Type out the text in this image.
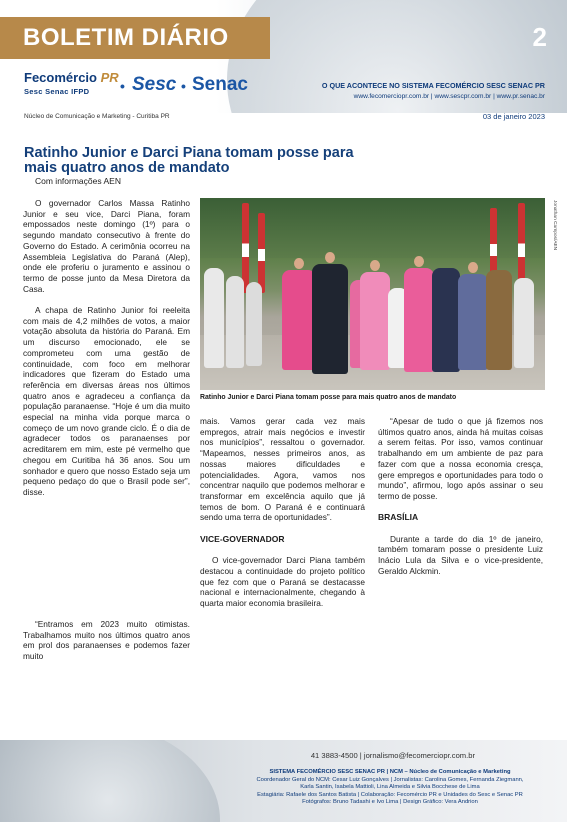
BOLETIM DIÁRIO	2
Fecomércio PR
Sesc Senac IFPD • Sesc • Senac	O QUE ACONTECE NO SISTEMA FECOMÉRCIO SESC SENAC PR
www.fecomerciopr.com.br | www.sescpr.com.br | www.pr.senac.br
Núcleo de Comunicação e Marketing - Curitiba PR	03 de janeiro 2023
Ratinho Junior e Darci Piana tomam posse para mais quatro anos de mandato
Com informações AEN

O governador Carlos Massa Ratinho Junior e seu vice, Darci Piana, foram empossados neste domingo (1º) para o segundo mandato consecutivo à frente do Governo do Estado. A cerimônia ocorreu na Assembleia Legislativa do Paraná (Alep), onde ele proferiu o juramento e assinou o termo de posse junto da Mesa Diretora da Casa.

A chapa de Ratinho Junior foi reeleita com mais de 4,2 milhões de votos, a maior votação absoluta da história do Paraná. Em um discurso emocionado, ele se comprometeu com uma gestão de continuidade, com foco em melhorar indicadores que fizeram do Estado uma referência em diversas áreas nos últimos quatro anos e agradeceu a confiança da população paranaense. “Hoje é um dia muito especial na minha vida porque marca o começo de um novo grande ciclo. É o dia de agradecer todos os paranaenses por acreditarem em mim, este pé vermelho que chegou em Curitiba há 36 anos. Sou um sonhador e quero que nosso Estado seja um pequeno pedaço do que o Brasil pode ser”, disse.

“Entramos em 2023 muito otimistas. Trabalhamos muito nos últimos quatro anos em prol dos paranaenses e podemos fazer muito

Jonathan Campos/AEN
Ratinho Junior e Darci Piana tomam posse para mais quatro anos de mandato

mais. Vamos gerar cada vez mais empregos, atrair mais negócios e investir nos municípios”, ressaltou o governador. “Mapeamos, nesses primeiros anos, as nossas maiores dificuldades e potencialidades. Agora, vamos nos concentrar naquilo que podemos melhorar e transformar em excelência aquilo que já temos de bom. O Paraná é e continuará sendo uma terra de oportunidades”.

VICE-GOVERNADOR

O vice-governador Darci Piana também destacou a continuidade do projeto político que fez com que o Paraná se destacasse nacional e internacionalmente, chegando à quarta maior economia brasileira.

“Apesar de tudo o que já fizemos nos últimos quatro anos, ainda há muitas coisas a serem feitas. Por isso, vamos continuar trabalhando em um ambiente de paz para fazer com que a nossa economia cresça, gere empregos e oportunidades para todo o mundo”, afirmou, logo após assinar o seu termo de posse.

BRASÍLIA

Durante a tarde do dia 1º de janeiro, também tomaram posse o presidente Luiz Inácio Lula da Silva e o vice-presidente, Geraldo Alckmin.

41 3883-4500 | jornalismo@fecomerciopr.com.br
SISTEMA FECOMÉRCIO SESC SENAC PR | NCM – Núcleo de Comunicação e Marketing
Coordenador Geral do NCM: Cesar Luiz Gonçalves | Jornalistas: Carolina Gomes, Fernanda Ziegmann,
Karla Santin, Isabela Mattioli, Lina Almeida e Silvia Bocchese de Lima
Estagiária: Rafaele dos Santos Batista | Colaboração: Fecomércio PR e Unidades do Sesc e Senac PR
Fotógrafos: Bruno Tadashi e Ivo Lima | Design Gráfico: Vera Andrion
